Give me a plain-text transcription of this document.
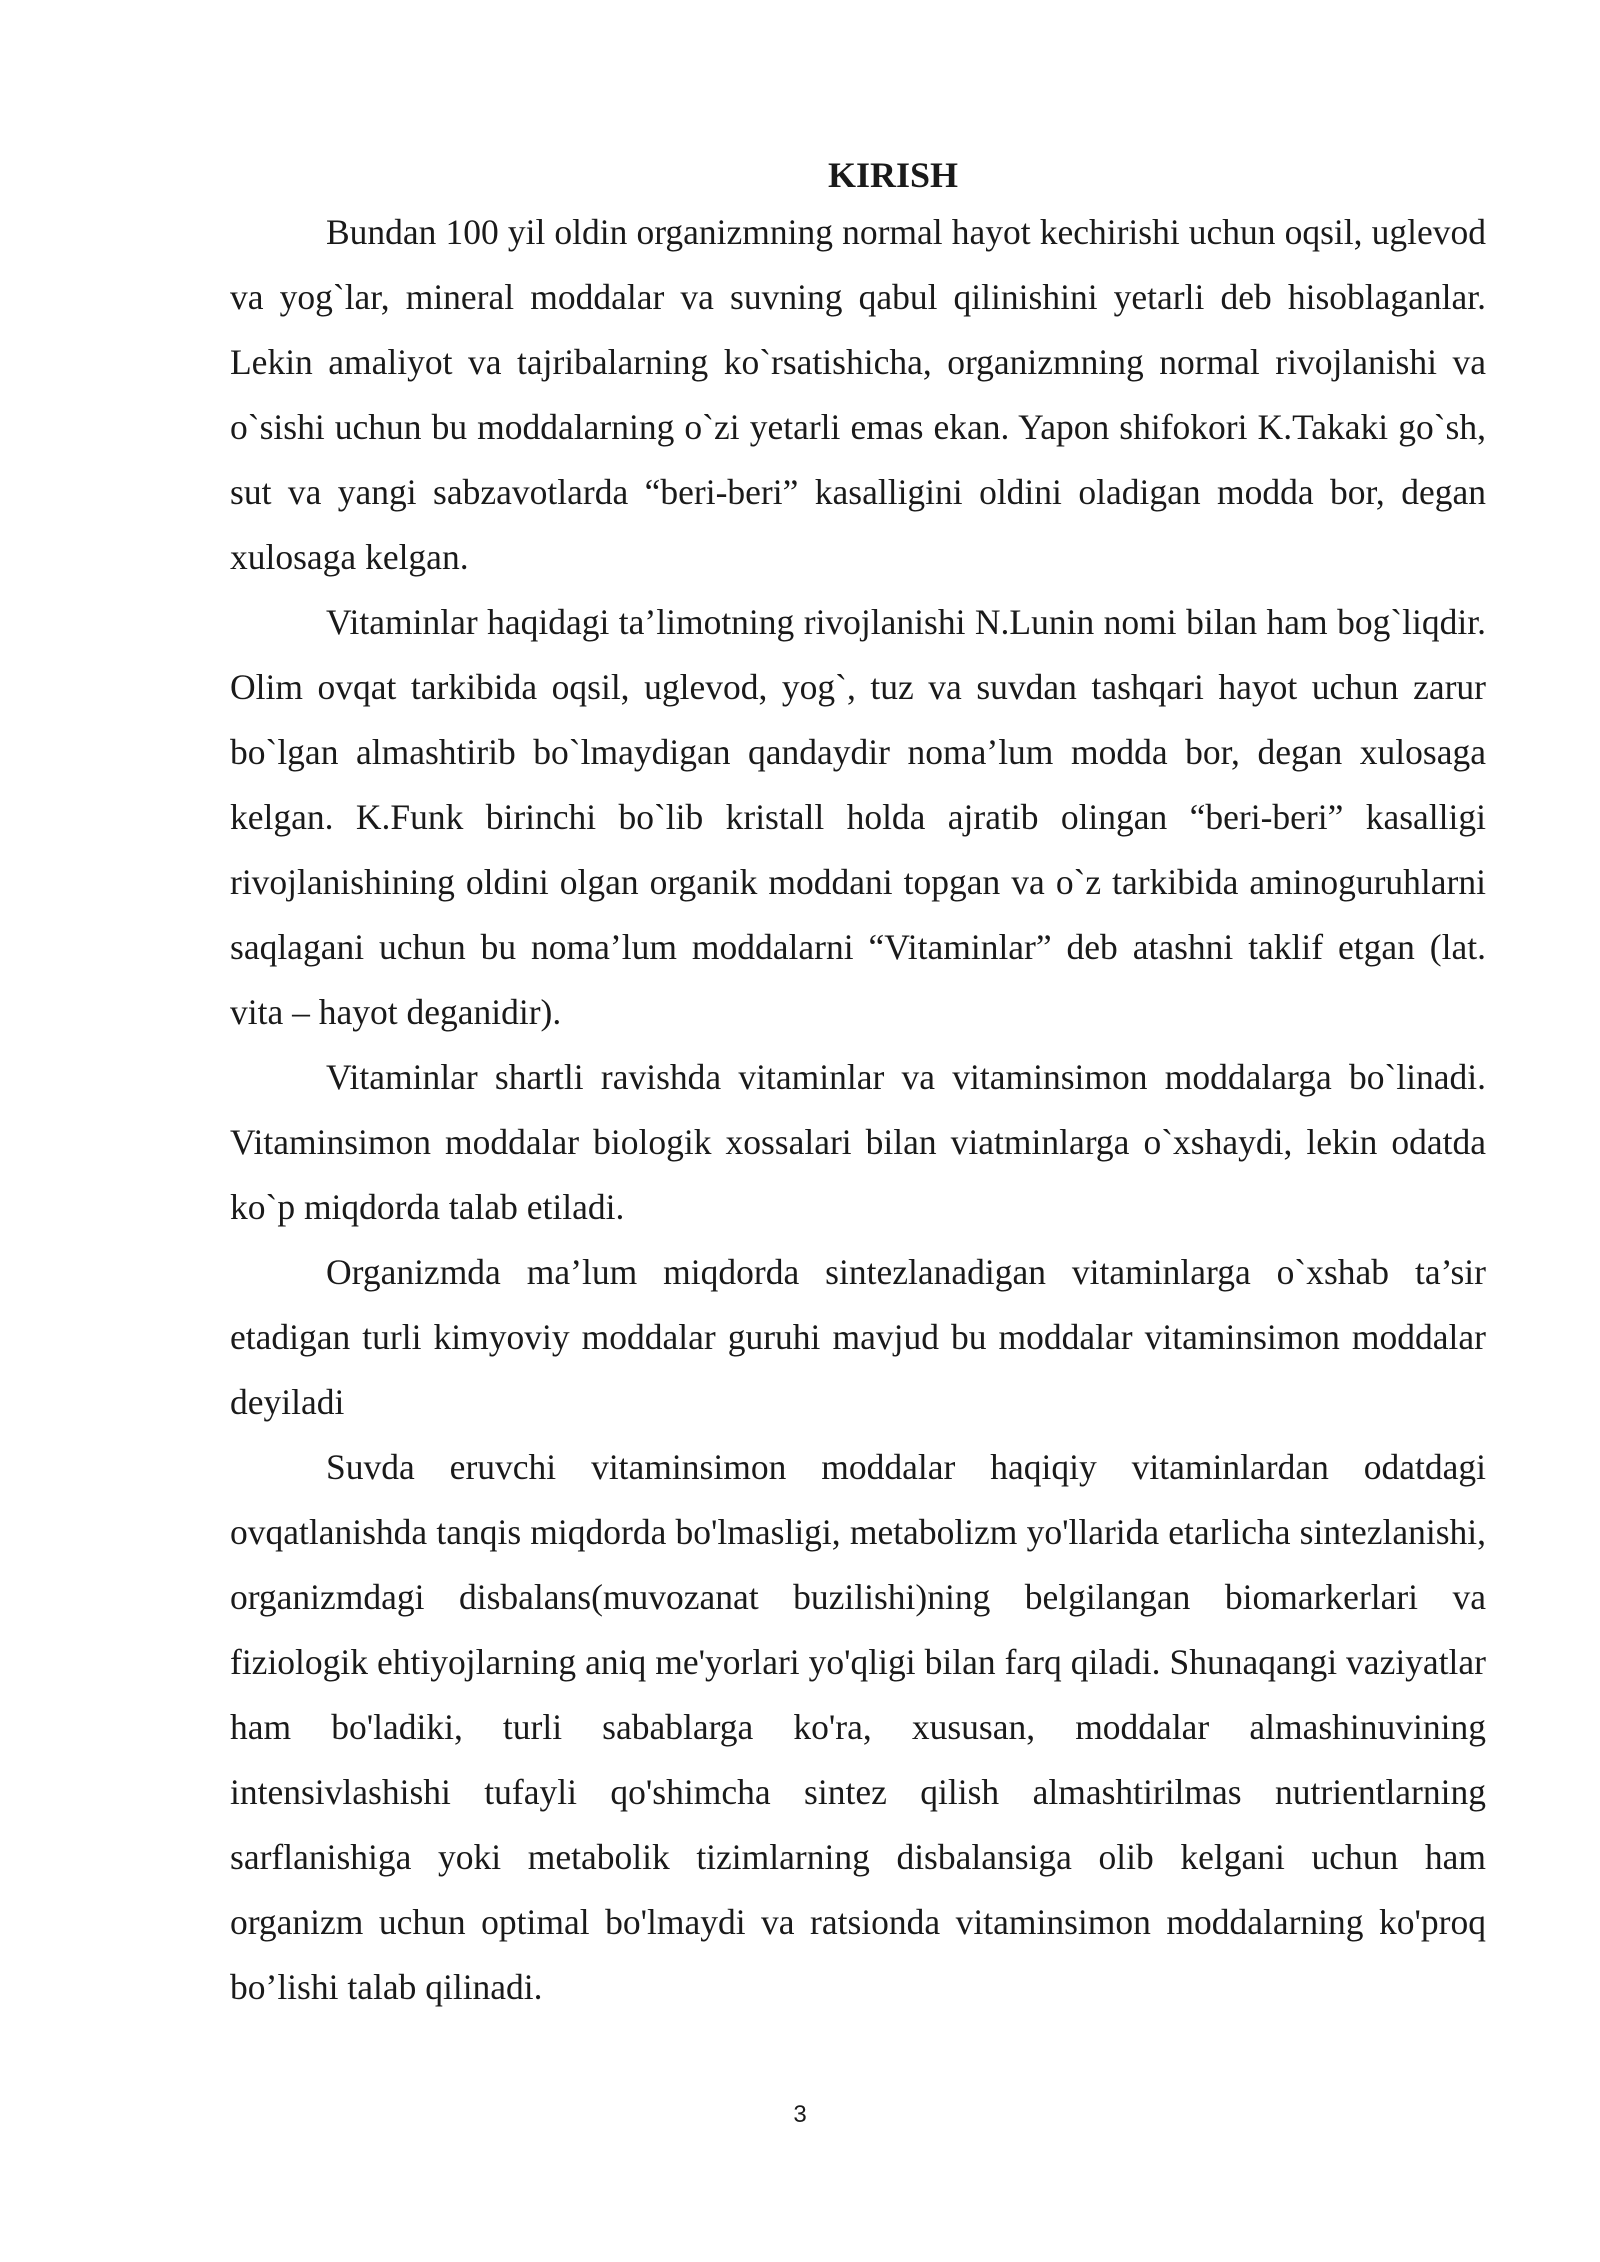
KIRISH

Bundan 100 yil oldin organizmning normal hayot kechirishi uchun oqsil, uglevod va yog`lar, mineral moddalar va suvning qabul qilinishini yetarli deb hisoblaganlar. Lekin amaliyot va tajribalarning ko`rsatishicha, organizmning normal rivojlanishi va o`sishi uchun bu moddalarning o`zi yetarli emas ekan. Yapon shifokori K.Takaki go`sh, sut va yangi sabzavotlarda “beri-beri” kasalligini oldini oladigan modda bor, degan xulosaga kelgan.

Vitaminlar haqidagi ta’limotning rivojlanishi N.Lunin nomi bilan ham bog`liqdir. Olim ovqat tarkibida oqsil, uglevod, yog`, tuz va suvdan tashqari hayot uchun zarur bo`lgan almashtirib bo`lmaydigan qandaydir noma’lum modda bor, degan xulosaga kelgan. K.Funk birinchi bo`lib kristall holda ajratib olingan “beri-beri” kasalligi rivojlanishining oldini olgan organik moddani topgan va o`z tarkibida aminoguruhlarni saqlagani uchun bu noma’lum moddalarni “Vitaminlar” deb atashni taklif etgan (lat. vita – hayot deganidir).

Vitaminlar shartli ravishda vitaminlar va vitaminsimon moddalarga bo`linadi. Vitaminsimon moddalar biologik xossalari bilan viatminlarga o`xshaydi, lekin odatda ko`p miqdorda talab etiladi.

Organizmda ma’lum miqdorda sintezlanadigan vitaminlarga o`xshab ta’sir etadigan turli kimyoviy moddalar guruhi mavjud bu moddalar vitaminsimon moddalar deyiladi

Suvda eruvchi vitaminsimon moddalar haqiqiy vitaminlardan odatdagi ovqatlanishda tanqis miqdorda bo'lmasligi, metabolizm yo'llarida etarlicha sintezlanishi, organizmdagi disbalans(muvozanat buzilishi)ning belgilangan biomarkerlari va fiziologik ehtiyojlarning aniq me'yorlari yo'qligi bilan farq qiladi. Shunaqangi vaziyatlar ham bo'ladiki, turli sabablarga ko'ra, xususan, moddalar almashinuvining intensivlashishi tufayli qo'shimcha sintez qilish almashtirilmas nutrientlarning sarflanishiga yoki metabolik tizimlarning disbalansiga olib kelgani uchun ham organizm uchun optimal bo'lmaydi va ratsionda vitaminsimon moddalarning ko'proq bo’lishi talab qilinadi.

3
